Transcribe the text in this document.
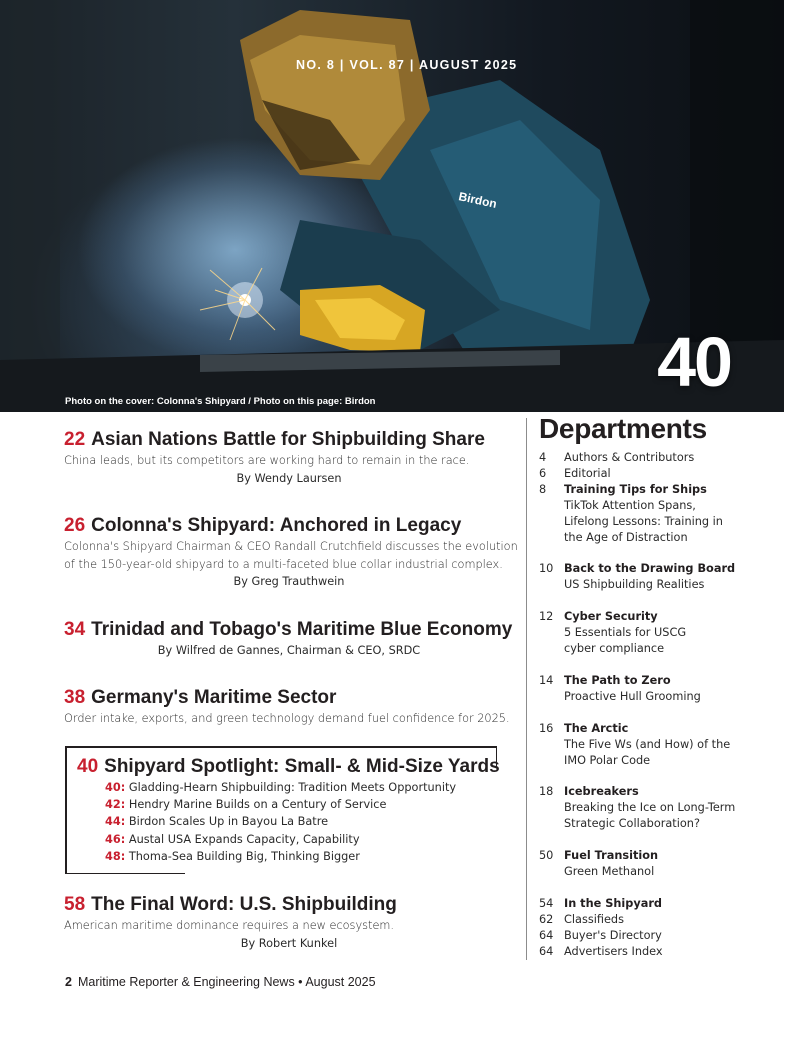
Birdon
NO. 8 | VOL. 87 | AUGUST 2025
40
Photo on the cover: Colonna's Shipyard / Photo on this page: Birdon
22 Asian Nations Battle for Shipbuilding Share
China leads, but its competitors are working hard to remain in the race.
By Wendy Laursen
26 Colonna's Shipyard: Anchored in Legacy
Colonna's Shipyard Chairman & CEO Randall Crutchfield discusses the evolution
of the 150-year-old shipyard to a multi-faceted blue collar industrial complex.
By Greg Trauthwein
34 Trinidad and Tobago's Maritime Blue Economy
By Wilfred de Gannes, Chairman & CEO, SRDC
38 Germany's Maritime Sector
Order intake, exports, and green technology demand fuel confidence for 2025.
40 Shipyard Spotlight: Small- & Mid-Size Yards
40: Gladding-Hearn Shipbuilding: Tradition Meets Opportunity
42: Hendry Marine Builds on a Century of Service
44: Birdon Scales Up in Bayou La Batre
46: Austal USA Expands Capacity, Capability
48: Thoma-Sea Building Big, Thinking Bigger
58 The Final Word: U.S. Shipbuilding
American maritime dominance requires a new ecosystem.
By Robert Kunkel
Departments
4 Authors & Contributors
6 Editorial
8 Training Tips for Ships
TikTok Attention Spans,
Lifelong Lessons: Training in
the Age of Distraction
10 Back to the Drawing Board
US Shipbuilding Realities
12 Cyber Security
5 Essentials for USCG
cyber compliance
14 The Path to Zero
Proactive Hull Grooming
16 The Arctic
The Five Ws (and How) of the
IMO Polar Code
18 Icebreakers
Breaking the Ice on Long-Term
Strategic Collaboration?
50 Fuel Transition
Green Methanol
54 In the Shipyard
62 Classifieds
64 Buyer's Directory
64 Advertisers Index
2 Maritime Reporter & Engineering News • August 2025
